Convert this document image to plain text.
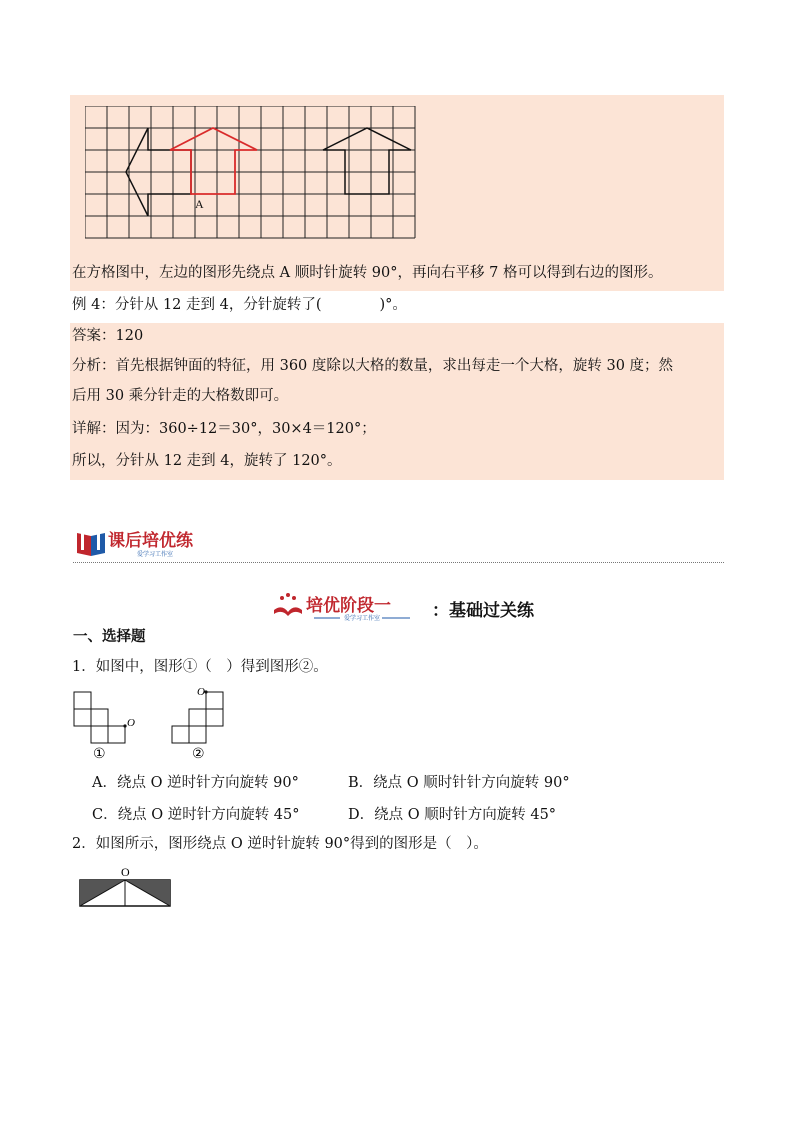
A
在方格图中，左边的图形先绕点 A 顺时针旋转 90°，再向右平移 7 格可以得到右边的图形。
例 4：分针从 12 走到 4，分针旋转了(　　　　)°。
答案：120
分析：首先根据钟面的特征，用 360 度除以大格的数量，求出每走一个大格，旋转 30 度；然
后用 30 乘分针走的大格数即可。
详解：因为：360÷12＝30°，30×4＝120°；
所以，分针从 12 走到 4，旋转了 120°。
课后培优练
爱学习工作室
培优阶段一
爱学习工作室	：基础过关练
一、选择题
1．如图中，图形①（　）得到图形②。
O
①
O
②
A．绕点 O 逆时针方向旋转 90°	B．绕点 O 顺时针针方向旋转 90°
C．绕点 O 逆时针方向旋转 45°	D．绕点 O 顺时针方向旋转 45°
2．如图所示，图形绕点 O 逆时针旋转 90°得到的图形是（　）。
O
